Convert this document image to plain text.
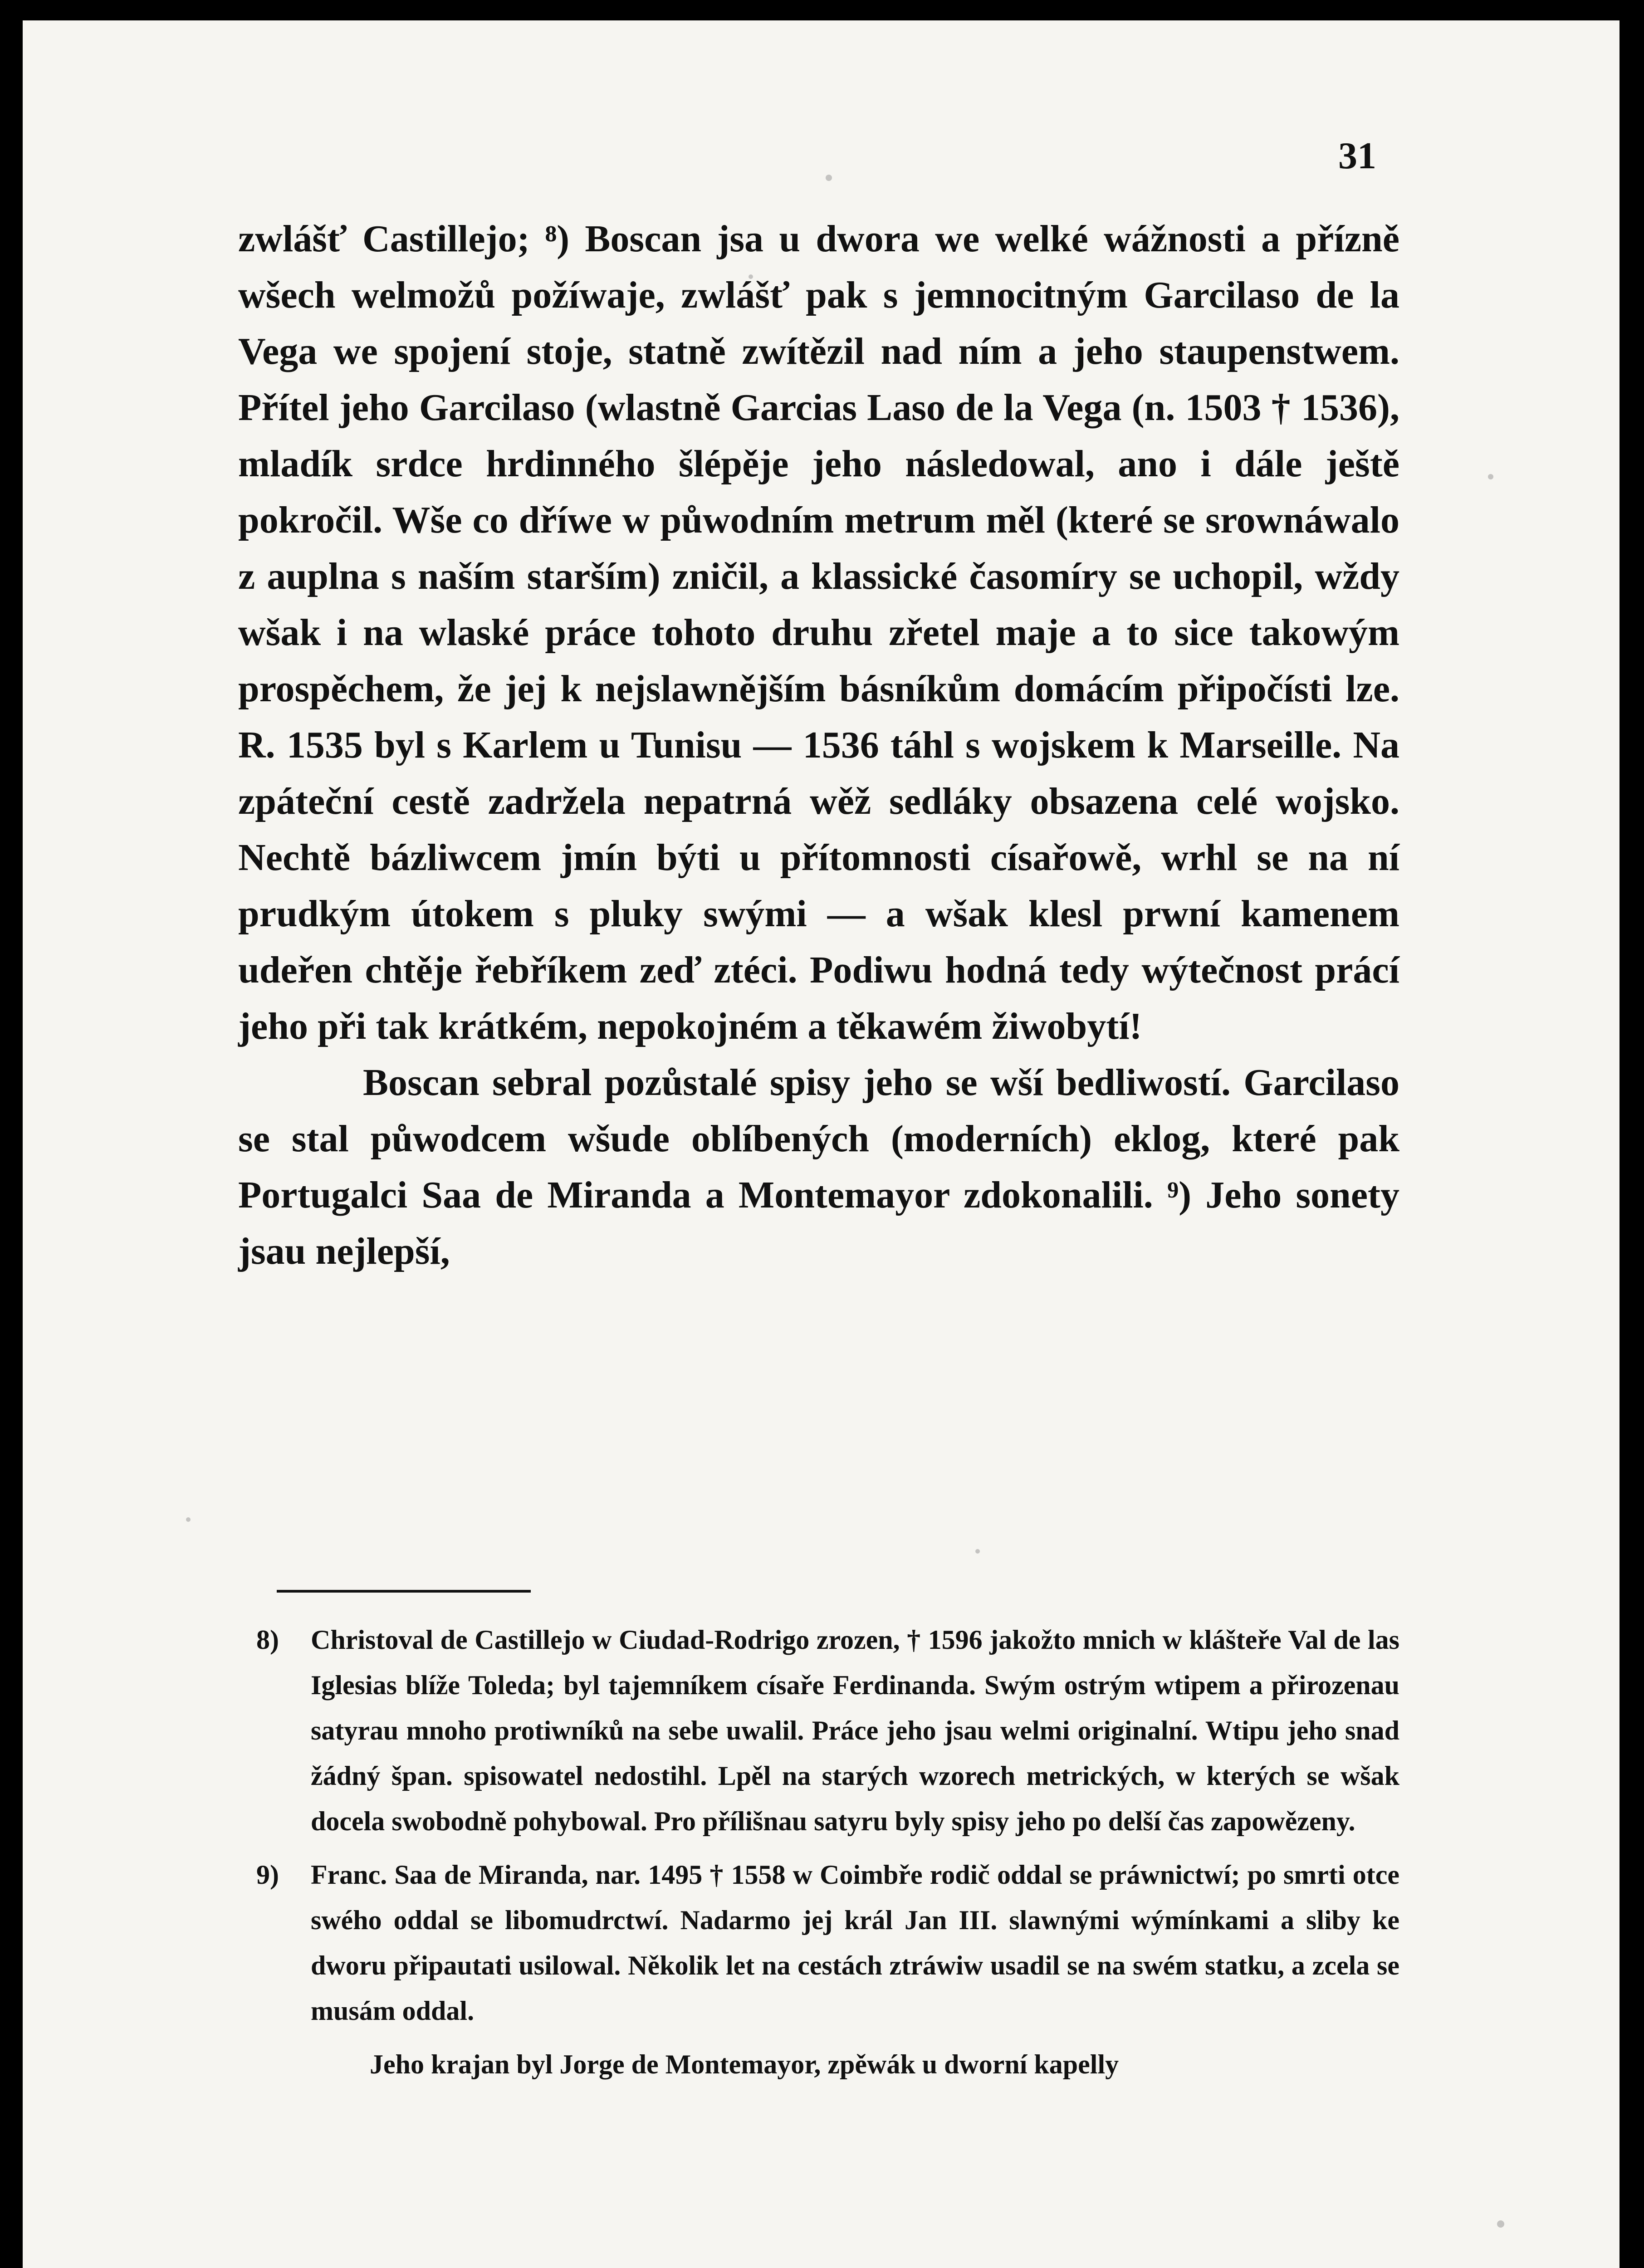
31

zwlášť Castillejo; ⁸) Boscan jsa u dwora we welké wážnosti a přízně wšech welmožů požíwaje, zwlášť pak s jemnocitným Garcilaso de la Vega we spojení stoje, statně zwítězil nad ním a jeho staupenstwem. Přítel jeho Garcilaso (wlastně Garcias Laso de la Vega (n. 1503 † 1536), mladík srdce hrdinného šlépěje jeho následowal, ano i dále ještě pokročil. Wše co dříwe w půwodním metrum měl (které se srownáwalo z auplna s naším starším) zničil, a klassické časomíry se uchopil, wždy wšak i na wlaské práce tohoto druhu zřetel maje a to sice takowým prospěchem, že jej k nejslawnějším básníkům domácím připočísti lze. R. 1535 byl s Karlem u Tunisu — 1536 táhl s wojskem k Marseille. Na zpáteční cestě zadržela nepatrná wěž sedláky obsazena celé wojsko. Nechtě bázliwcem jmín býti u přítomnosti císařowě, wrhl se na ní prudkým útokem s pluky swými — a wšak klesl prwní kamenem udeřen chtěje řebříkem zeď ztéci. Podiwu hodná tedy wýtečnost prácí jeho při tak krátkém, nepokojném a těkawém žiwobytí!

Boscan sebral pozůstalé spisy jeho se wší bedliwostí. Garcilaso se stal půwodcem wšude oblíbených (moderních) eklog, které pak Portugalci Saa de Miranda a Montemayor zdokonalili. ⁹) Jeho sonety jsau nejlepší,

8)	Christoval de Castillejo w Ciudad-Rodrigo zrozen, † 1596 jakožto mnich w klášteře Val de las Iglesias blíže Toleda; byl tajemníkem císaře Ferdinanda. Swým ostrým wtipem a přirozenau satyrau mnoho protiwníků na sebe uwalil. Práce jeho jsau welmi originalní. Wtipu jeho snad žádný špan. spisowatel nedostihl. Lpěl na starých wzorech metrických, w kterých se wšak docela swobodně pohybowal. Pro přílišnau satyru byly spisy jeho po delší čas zapowězeny.
9)	Franc. Saa de Miranda, nar. 1495 † 1558 w Coimbře rodič oddal se práwnictwí; po smrti otce swého oddal se libomudrctwí. Nadarmo jej král Jan III. slawnými wýmínkami a sliby ke dworu připautati usilowal. Několik let na cestách ztráwiw usadil se na swém statku, a zcela se musám oddal.
Jeho krajan byl Jorge de Montemayor, zpěwák u dworní kapelly
